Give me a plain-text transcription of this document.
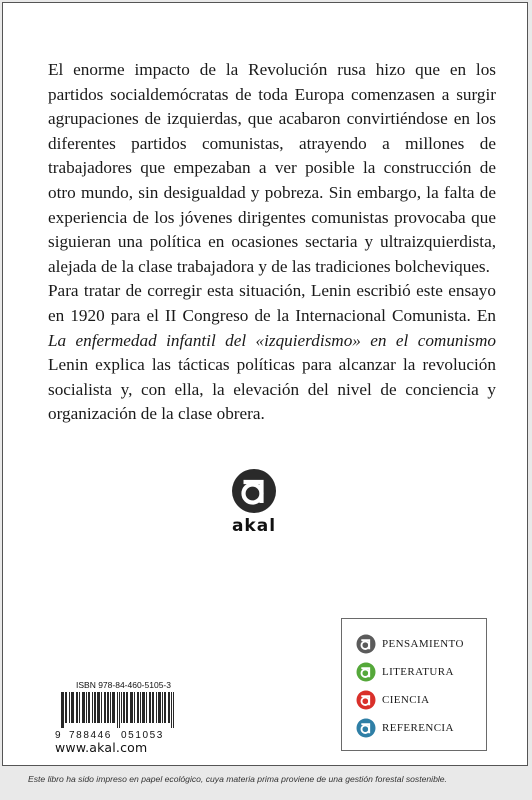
El enorme impacto de la Revolución rusa hizo que en los partidos socialdemócratas de toda Europa comenzasen a surgir agrupaciones de izquierdas, que acabaron convirtiéndose en los diferentes partidos comunistas, atrayendo a millones de trabajadores que empezaban a ver posible la construcción de otro mundo, sin desigualdad y pobreza. Sin embargo, la falta de experiencia de los jóvenes dirigentes comunistas provocaba que siguieran una política en ocasiones sectaria y ultraizquierdista, alejada de la clase trabajadora y de las tradiciones bolcheviques.

Para tratar de corregir esta situación, Lenin escribió este ensayo en 1920 para el II Congreso de la Internacional Comunista. En La enfermedad infantil del «izquierdismo» en el comunismo Lenin explica las tácticas políticas para alcanzar la revolución socialista y, con ella, la elevación del nivel de conciencia y organización de la clase obrera.

akal
PENSAMIENTO
LITERATURA
CIENCIA
REFERENCIA
ISBN 978-84-460-5105-3
9 788446 051053
www.akal.com
Este libro ha sido impreso en papel ecológico, cuya materia prima proviene de una gestión forestal sostenible.
